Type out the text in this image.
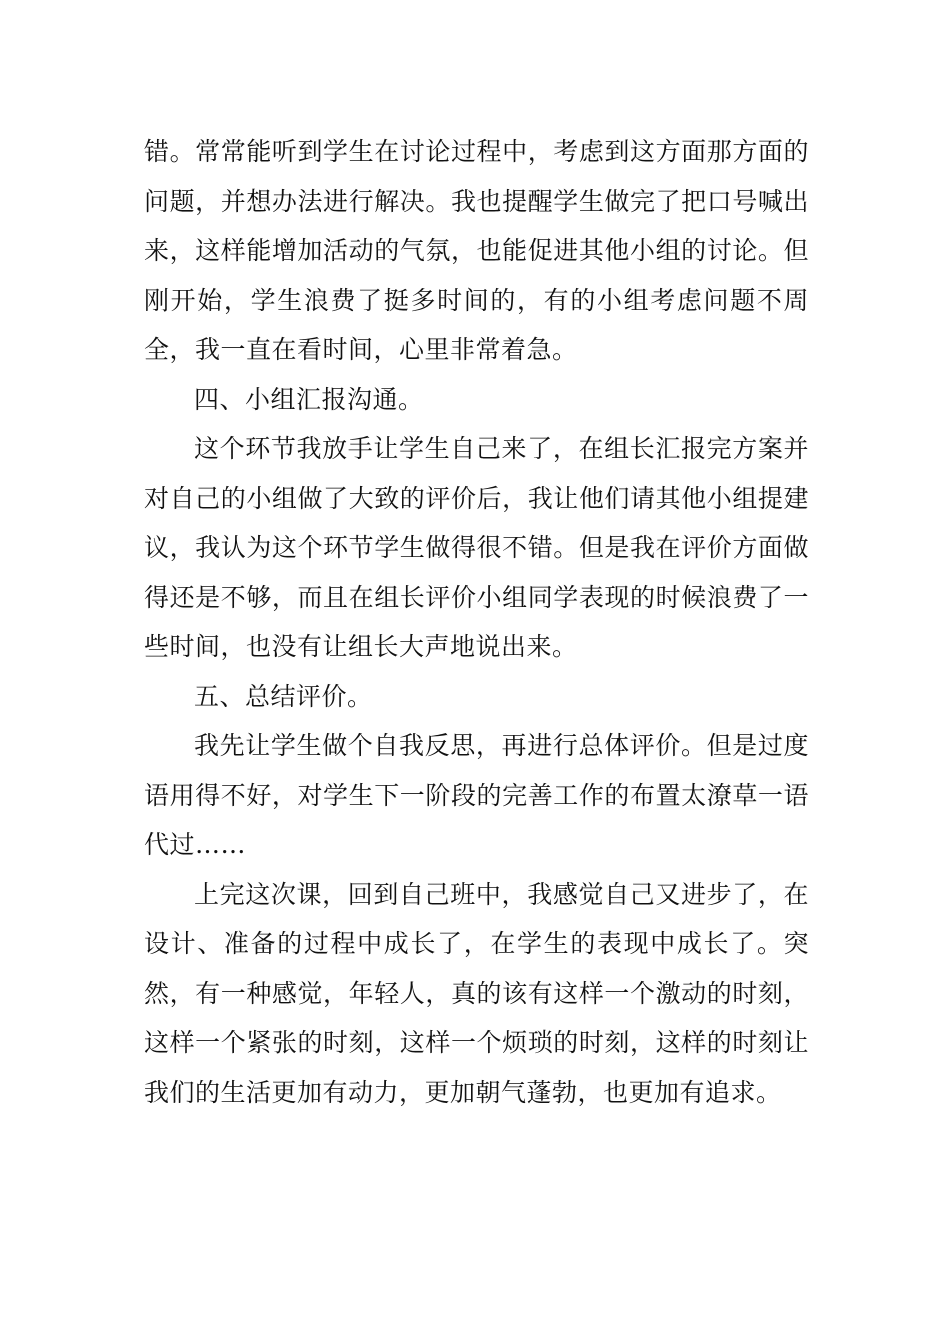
错。常常能听到学生在讨论过程中，考虑到这方面那方面的问题，并想办法进行解决。我也提醒学生做完了把口号喊出来，这样能增加活动的气氛，也能促进其他小组的讨论。但刚开始，学生浪费了挺多时间的，有的小组考虑问题不周全，我一直在看时间，心里非常着急。

四、小组汇报沟通。

这个环节我放手让学生自己来了，在组长汇报完方案并对自己的小组做了大致的评价后，我让他们请其他小组提建议，我认为这个环节学生做得很不错。但是我在评价方面做得还是不够，而且在组长评价小组同学表现的时候浪费了一些时间，也没有让组长大声地说出来。

五、总结评价。

我先让学生做个自我反思，再进行总体评价。但是过度语用得不好，对学生下一阶段的完善工作的布置太潦草一语代过……

上完这次课，回到自己班中，我感觉自己又进步了，在设计、准备的过程中成长了，在学生的表现中成长了。突然，有一种感觉，年轻人，真的该有这样一个激动的时刻，这样一个紧张的时刻，这样一个烦琐的时刻，这样的时刻让我们的生活更加有动力，更加朝气蓬勃，也更加有追求。
